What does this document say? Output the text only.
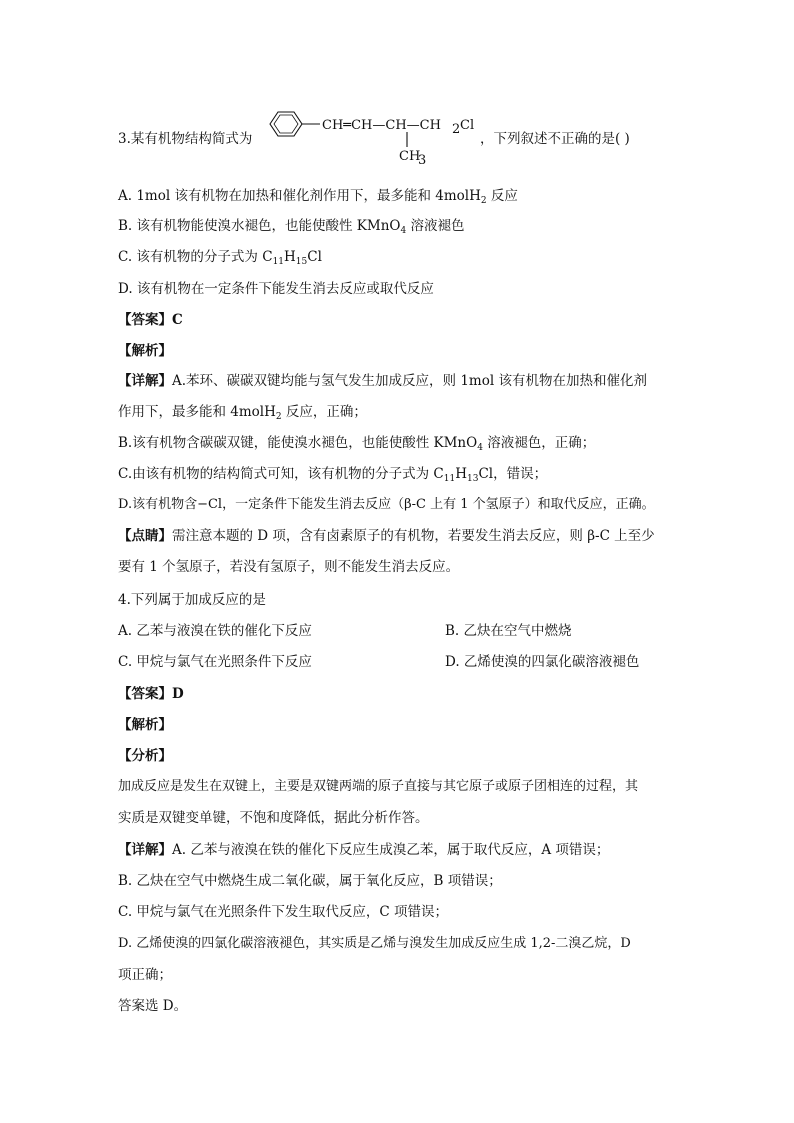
3.某有机物结构简式为
CH═CH—CH—CH 2 Cl
CH
3
，下列叙述不正确的是( )
A. 1mol 该有机物在加热和催化剂作用下，最多能和 4molH$_2$ 反应
B. 该有机物能使溴水褪色，也能使酸性 KMnO$_4$ 溶液褪色
C. 该有机物的分子式为 $C_{11}H_{15}Cl$
D. 该有机物在一定条件下能发生消去反应或取代反应
【答案】C
【解析】
【详解】A.苯环、碳碳双键均能与氢气发生加成反应，则 1mol 该有机物在加热和催化剂
作用下，最多能和 4molH$_2$ 反应，正确；
B.该有机物含碳碳双键，能使溴水褪色，也能使酸性 KMnO$_4$ 溶液褪色，正确；
C.由该有机物的结构简式可知，该有机物的分子式为 $C_{11}H_{13}Cl$，错误；
D.该有机物含−Cl，一定条件下能发生消去反应（β-C 上有 1 个氢原子）和取代反应，正确。
【点睛】需注意本题的 D 项，含有卤素原子的有机物，若要发生消去反应，则 β-C 上至少
要有 1 个氢原子，若没有氢原子，则不能发生消去反应。
4.下列属于加成反应的是
A. 乙苯与液溴在铁的催化下反应	B. 乙炔在空气中燃烧
C. 甲烷与氯气在光照条件下反应	D. 乙烯使溴的四氯化碳溶液褪色
【答案】D
【解析】
【分析】
加成反应是发生在双键上，主要是双键两端的原子直接与其它原子或原子团相连的过程，其
实质是双键变单键，不饱和度降低，据此分析作答。
【详解】A. 乙苯与液溴在铁的催化下反应生成溴乙苯，属于取代反应，A 项错误；
B. 乙炔在空气中燃烧生成二氧化碳，属于氧化反应，B 项错误；
C. 甲烷与氯气在光照条件下发生取代反应，C 项错误；
D. 乙烯使溴的四氯化碳溶液褪色，其实质是乙烯与溴发生加成反应生成 1,2-二溴乙烷，D
项正确；
答案选 D。
